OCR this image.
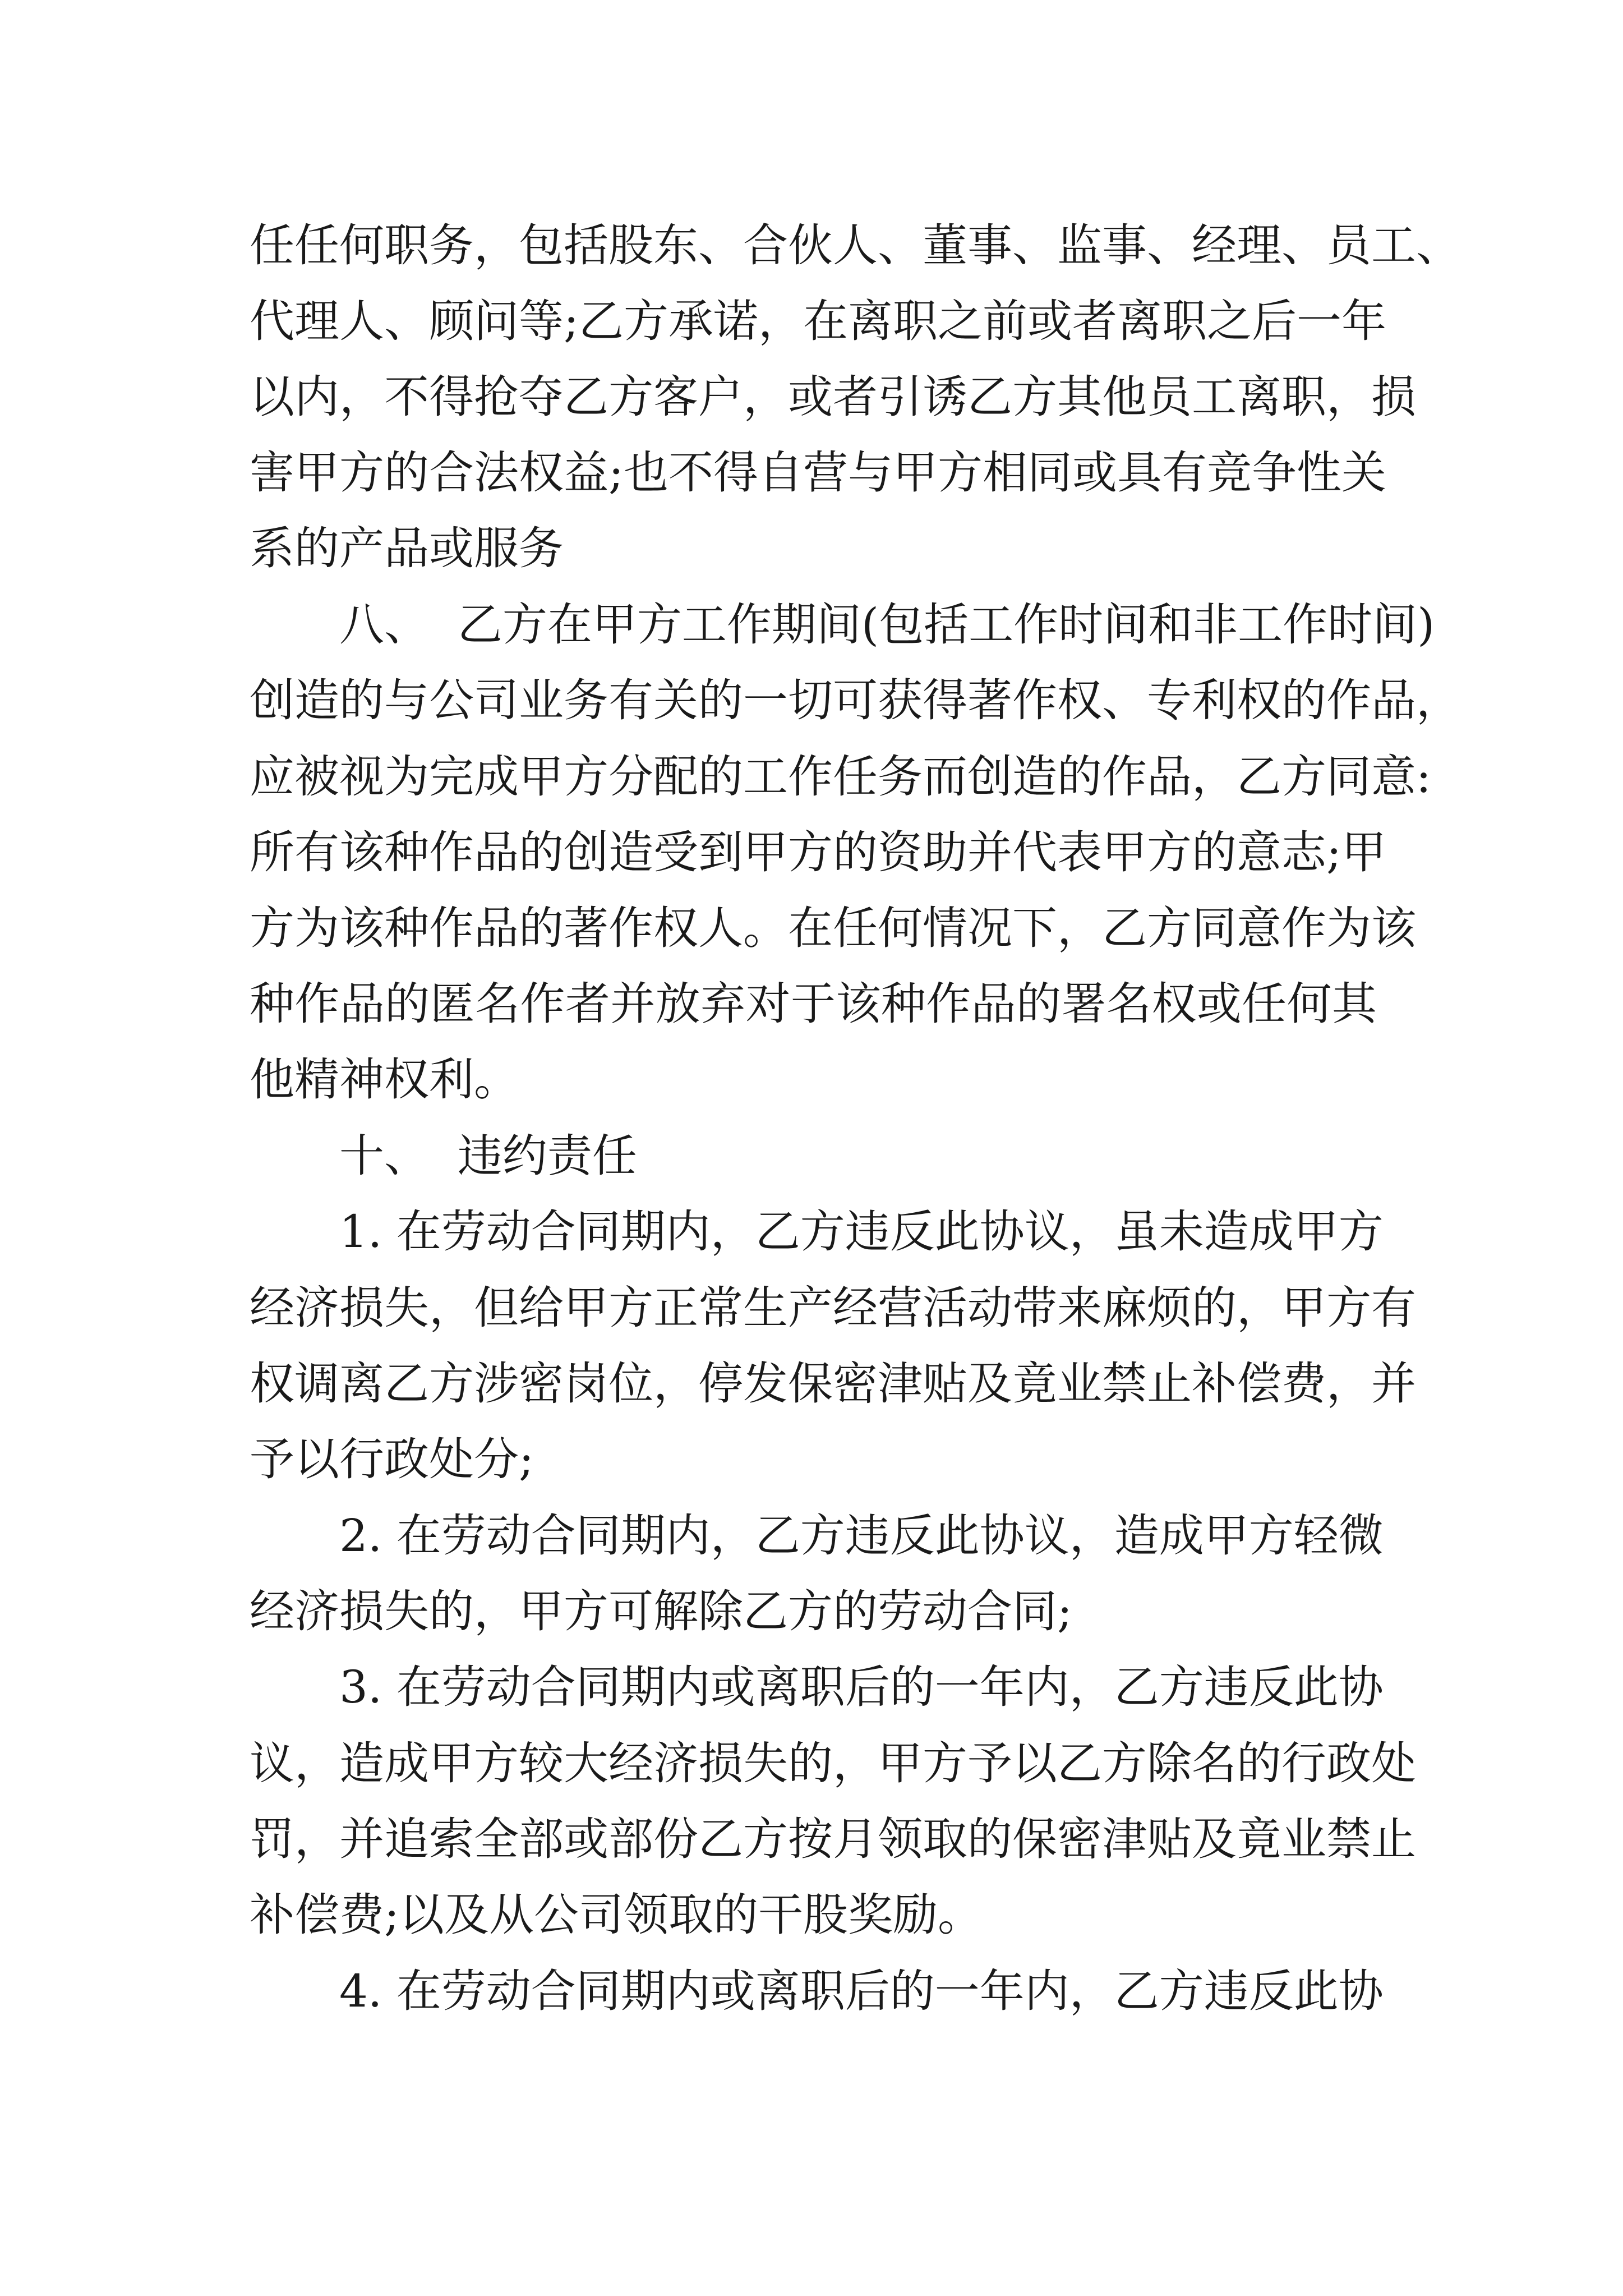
任任何职务，包括股东、合伙人、董事、监事、经理、员工、
代理人、顾问等;乙方承诺，在离职之前或者离职之后一年
以内，不得抢夺乙方客户，或者引诱乙方其他员工离职，损
害甲方的合法权益;也不得自营与甲方相同或具有竞争性关
系的产品或服务
八、  乙方在甲方工作期间(包括工作时间和非工作时间)
创造的与公司业务有关的一切可获得著作权、专利权的作品，
应被视为完成甲方分配的工作任务而创造的作品，乙方同意:
所有该种作品的创造受到甲方的资助并代表甲方的意志;甲
方为该种作品的著作权人。在任何情况下，乙方同意作为该
种作品的匿名作者并放弃对于该种作品的署名权或任何其
他精神权利。
十、  违约责任
1. 在劳动合同期内，乙方违反此协议，虽未造成甲方
经济损失，但给甲方正常生产经营活动带来麻烦的，甲方有
权调离乙方涉密岗位，停发保密津贴及竟业禁止补偿费，并
予以行政处分;
2. 在劳动合同期内，乙方违反此协议，造成甲方轻微
经济损失的，甲方可解除乙方的劳动合同;
3. 在劳动合同期内或离职后的一年内，乙方违反此协
议，造成甲方较大经济损失的，甲方予以乙方除名的行政处
罚，并追索全部或部份乙方按月领取的保密津贴及竟业禁止
补偿费;以及从公司领取的干股奖励。
4. 在劳动合同期内或离职后的一年内，乙方违反此协
